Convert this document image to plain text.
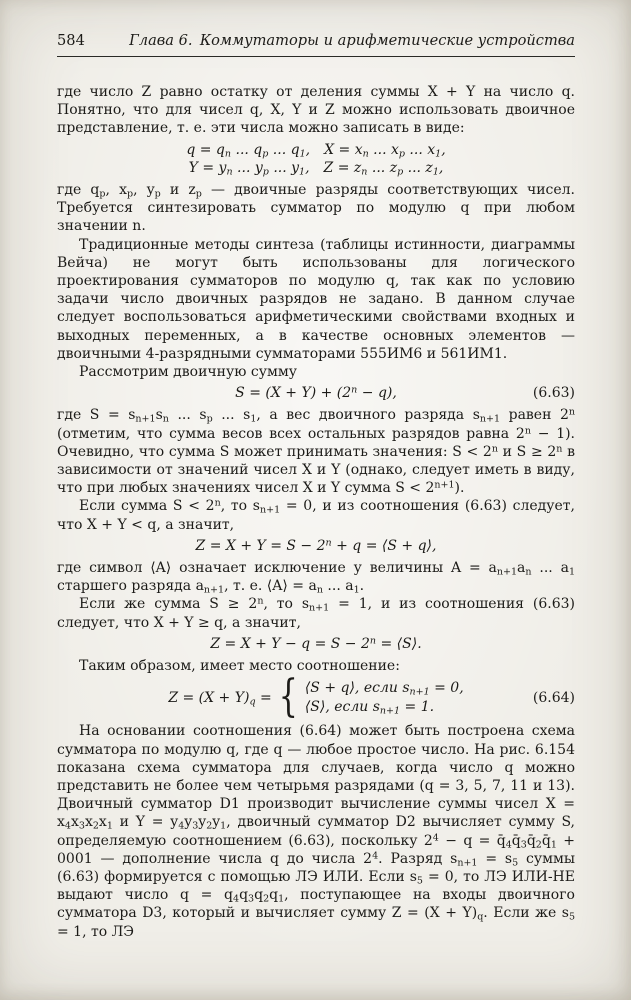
584	Глава 6. Коммутаторы и арифметические устройства

где число Z равно остатку от деления суммы X + Y на число q. Понятно, что для чисел q, X, Y и Z можно использовать двоичное представление, т. е. эти числа можно записать в виде:

$q = q_n$ ... $q_p$ ... $q_1$, $X = x_n$ ... $x_p$ ... $x_1$,
$Y = y_n$ ... $y_p$ ... $y_1$, $Z = z_n$ ... $z_p$ ... $z_1$,

где $q_p$, $x_p$, $y_p$ и $z_p$ — двоичные разряды соответствующих чисел. Требуется синтезировать сумматор по модулю q при любом значении n.

Традиционные методы синтеза (таблицы истинности, диаграммы Вейча) не могут быть использованы для логического проектирования сумматоров по модулю q, так как по условию задачи число двоичных разрядов не задано. В данном случае следует воспользоваться арифметическими свойствами входных и выходных переменных, а в качестве основных элементов — двоичными 4-разрядными сумматорами 555ИМ6 и 561ИМ1.

Рассмотрим двоичную сумму

$S = (X + Y) + (2^n - q)$,	(6.63)

где $S = s_{n+1}s_n$ ... $s_p$ ... $s_1$, а вес двоичного разряда $s_{n+1}$ равен 2$^n$ (отметим, что сумма весов всех остальных разрядов равна $2^n - 1$). Очевидно, что сумма S может принимать значения: $S < 2^n$ и $S \ge 2^n$ в зависимости от значений чисел X и Y (однако, следует иметь в виду, что при любых значениях чисел X и Y сумма $S < 2^{n+1}$).

Если сумма $S < 2^n$, то $s_{n+1} = 0$, и из соотношения (6.63) следует, что X + Y < q, а значит,

$Z = X + Y = S - 2^n + q$ = ⟨S + q⟩,

где символ ⟨A⟩ означает исключение у величины $A = a_{n+1}a_n$ ... $a_1$ старшего разряда $a_{n+1}$, т. е. ⟨A⟩ = $a_n$ ... $a_1$.

Если же сумма $S \ge 2^n$, то $s_{n+1} = 1$, и из соотношения (6.63) следует, что X + Y ≥ q, а значит,

$Z = X + Y - q = S - 2^n$ = ⟨S⟩.

Таким образом, имеет место соотношение:

$Z = (X + Y)_q$ = { ⟨S + q⟩, если $s_{n+1} = 0$,
⟨S⟩, если $s_{n+1} = 1$.
(6.64)

На основании соотношения (6.64) может быть построена схема сумматора по модулю q, где q — любое простое число. На рис. 6.154 показана схема сумматора для случаев, когда число q можно представить не более чем четырьмя разрядами (q = 3, 5, 7, 11 и 13). Двоичный сумматор D1 производит вычисление суммы чисел $X = x_4x_3x_2x_1$ и $Y = y_4y_3y_2y_1$, двоичный сумматор D2 вычисляет сумму S, определяемую соотношением (6.63), поскольку $2^4 - q$ = $q̄_4q̄_3q̄_2q̄_1 + 0001$ — дополнение числа q до числа $2^4$. Разряд $s_{n+1} = s_5$ суммы (6.63) формируется с помощью ЛЭ ИЛИ. Если $s_5 = 0$, то ЛЭ ИЛИ-НЕ выдают число $q = q_4q_3q_2q_1$, поступающее на входы двоичного сумматора D3, который и вычисляет сумму $Z = (X + Y)_q$. Если же $s_5 = 1$, то ЛЭ
